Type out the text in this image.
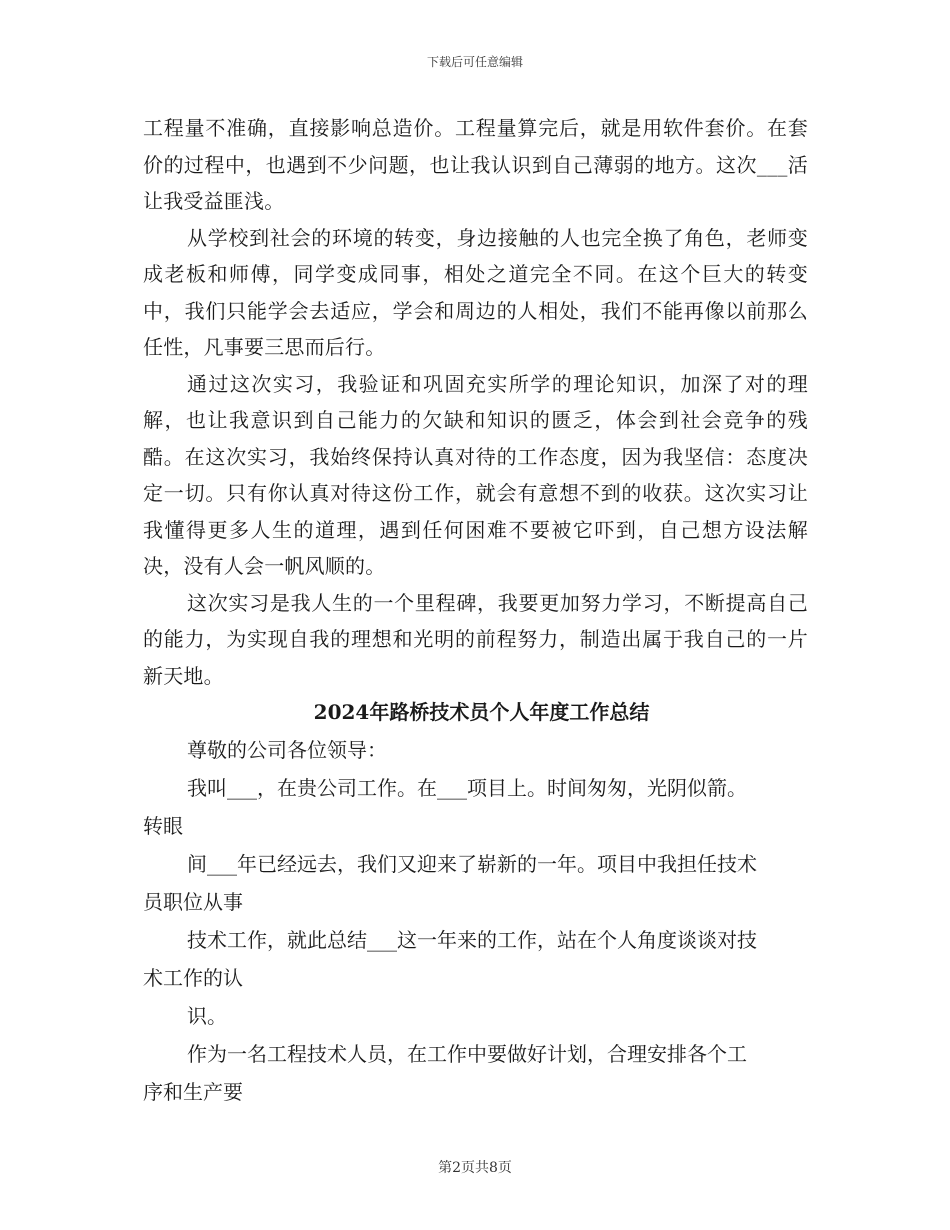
下载后可任意编辑

工程量不准确，直接影响总造价。工程量算完后，就是用软件套价。在套价的过程中，也遇到不少问题，也让我认识到自己薄弱的地方。这次___活让我受益匪浅。

从学校到社会的环境的转变，身边接触的人也完全换了角色，老师变成老板和师傅，同学变成同事，相处之道完全不同。在这个巨大的转变中，我们只能学会去适应，学会和周边的人相处，我们不能再像以前那么任性，凡事要三思而后行。

通过这次实习，我验证和巩固充实所学的理论知识，加深了对的理解，也让我意识到自己能力的欠缺和知识的匮乏，体会到社会竞争的残酷。在这次实习，我始终保持认真对待的工作态度，因为我坚信：态度决定一切。只有你认真对待这份工作，就会有意想不到的收获。这次实习让我懂得更多人生的道理，遇到任何困难不要被它吓到，自己想方设法解决，没有人会一帆风顺的。

这次实习是我人生的一个里程碑，我要更加努力学习，不断提高自己的能力，为实现自我的理想和光明的前程努力，制造出属于我自己的一片新天地。

2024年路桥技术员个人年度工作总结

尊敬的公司各位领导：

我叫___，在贵公司工作。在___项目上。时间匆匆，光阴似箭。

转眼

间___年已经远去，我们又迎来了崭新的一年。项目中我担任技术

员职位从事

技术工作，就此总结___这一年来的工作，站在个人角度谈谈对技

术工作的认

识。

作为一名工程技术人员，在工作中要做好计划，合理安排各个工

序和生产要

第2页共8页
